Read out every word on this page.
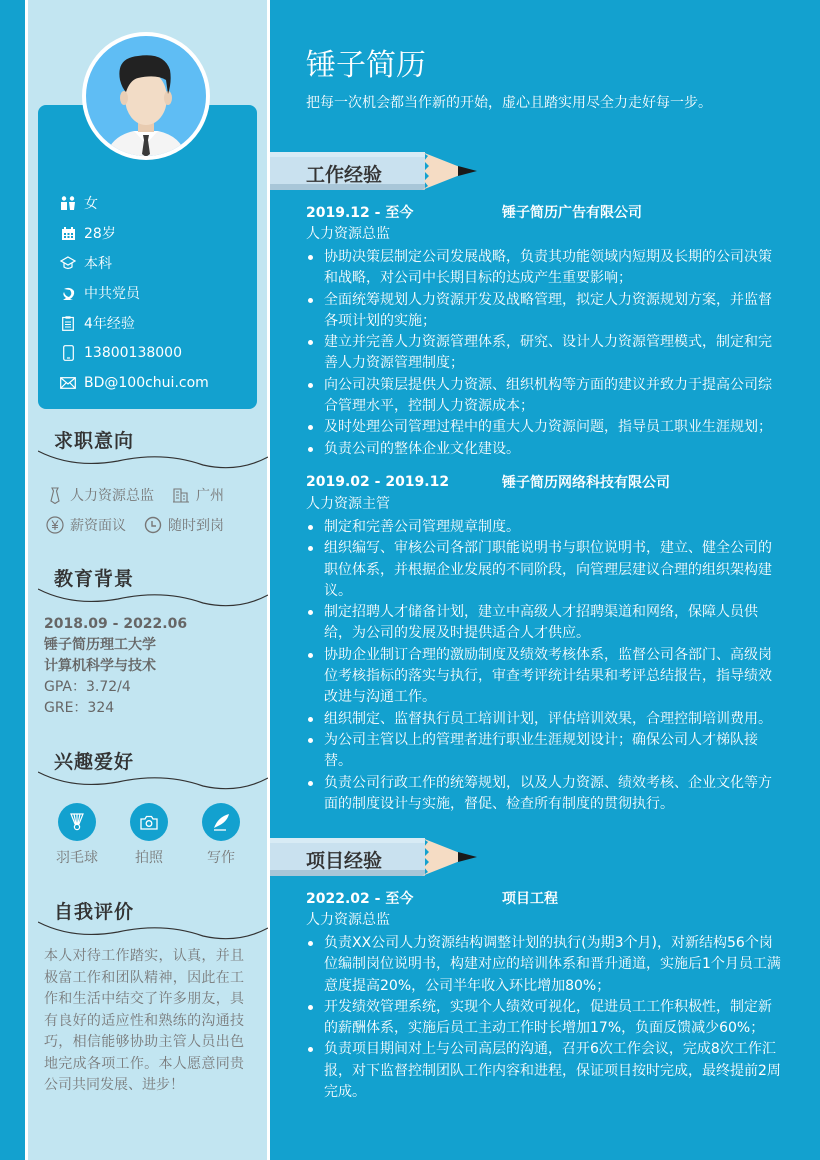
女
28岁
本科
中共党员
4年经验
13800138000
BD@100chui.com
求职意向
人力资源总监	广州
薪资面议	随时到岗
教育背景
2018.09 - 2022.06
锤子简历理工大学
计算机科学与技术
GPA：3.72/4
GRE：324
兴趣爱好
羽毛球	拍照	写作
自我评价
本人对待工作踏实，认真，并且极富工作和团队精神，因此在工作和生活中结交了许多朋友，具有良好的适应性和熟练的沟通技巧，相信能够协助主管人员出色地完成各项工作。本人愿意同贵公司共同发展、进步！
锤子简历
把每一次机会都当作新的开始，虚心且踏实用尽全力走好每一步。
工作经验
2019.12 - 至今	锤子简历广告有限公司
人力资源总监
协助决策层制定公司发展战略，负责其功能领域内短期及长期的公司决策和战略，对公司中长期目标的达成产生重要影响；
全面统筹规划人力资源开发及战略管理，拟定人力资源规划方案，并监督各项计划的实施；
建立并完善人力资源管理体系，研究、设计人力资源管理模式，制定和完善人力资源管理制度；
向公司决策层提供人力资源、组织机构等方面的建议并致力于提高公司综合管理水平，控制人力资源成本；
及时处理公司管理过程中的重大人力资源问题，指导员工职业生涯规划；
负责公司的整体企业文化建设。
2019.02 - 2019.12	锤子简历网络科技有限公司
人力资源主管
制定和完善公司管理规章制度。
组织编写、审核公司各部门职能说明书与职位说明书，建立、健全公司的职位体系，并根据企业发展的不同阶段，向管理层建议合理的组织架构建议。
制定招聘人才储备计划，建立中高级人才招聘渠道和网络，保障人员供给，为公司的发展及时提供适合人才供应。
协助企业制订合理的激励制度及绩效考核体系，监督公司各部门、高级岗位考核指标的落实与执行，审查考评统计结果和考评总结报告，指导绩效改进与沟通工作。
组织制定、监督执行员工培训计划，评估培训效果，合理控制培训费用。
为公司主管以上的管理者进行职业生涯规划设计；确保公司人才梯队接替。
负责公司行政工作的统筹规划，以及人力资源、绩效考核、企业文化等方面的制度设计与实施，督促、检查所有制度的贯彻执行。
项目经验
2022.02 - 至今	项目工程
人力资源总监
负责XX公司人力资源结构调整计划的执行(为期3个月)，对新结构56个岗位编制岗位说明书，构建对应的培训体系和晋升通道，实施后1个月员工满意度提高20%，公司半年收入环比增加80%；
开发绩效管理系统，实现个人绩效可视化，促进员工工作积极性，制定新的薪酬体系，实施后员工主动工作时长增加17%，负面反馈减少60%；
负责项目期间对上与公司高层的沟通，召开6次工作会议，完成8次工作汇报，对下监督控制团队工作内容和进程，保证项目按时完成，最终提前2周完成。
